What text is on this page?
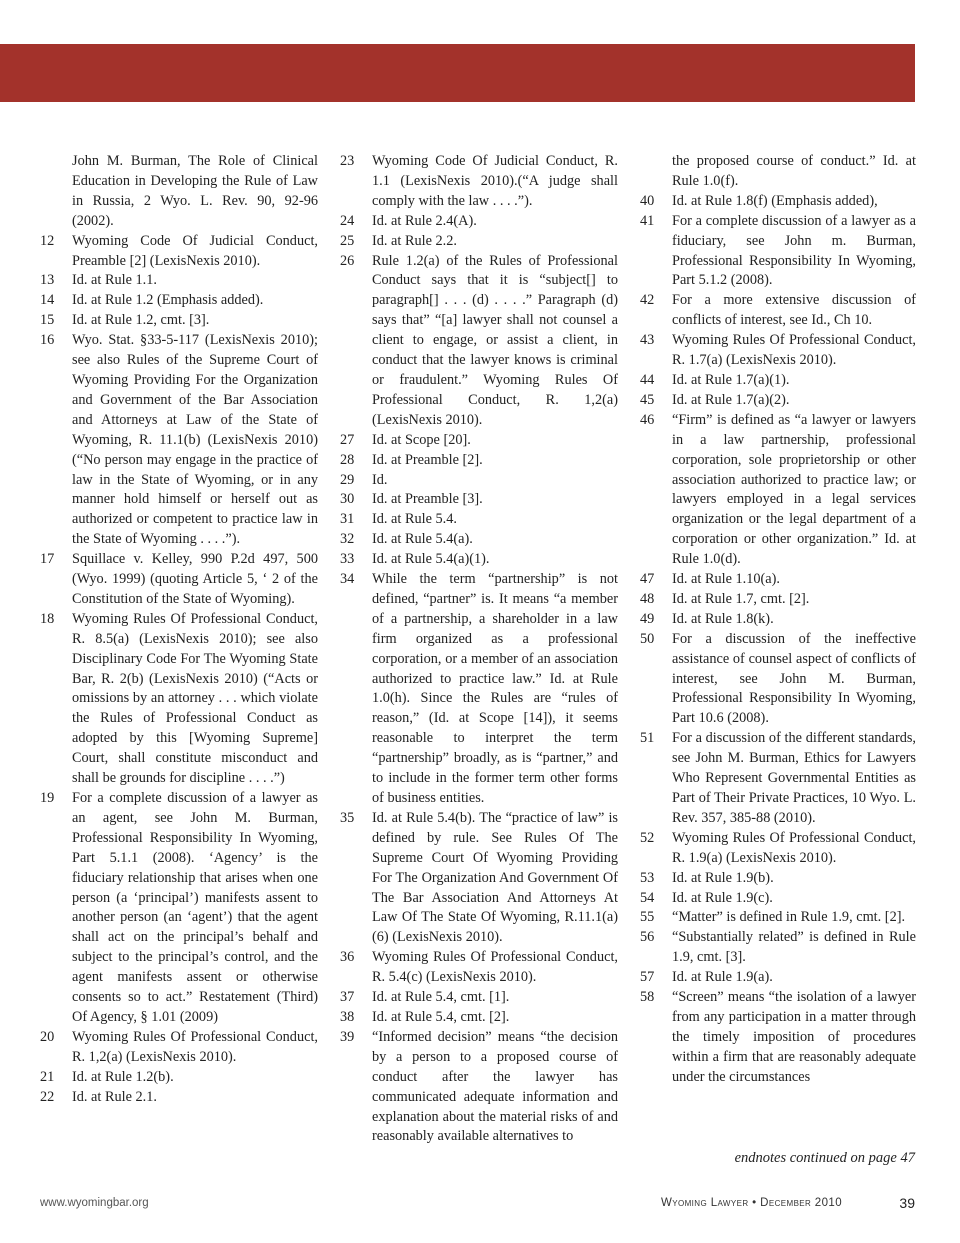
John M. Burman, The Role of Clinical Education in Developing the Rule of Law in Russia, 2 Wyo. L. Rev. 90, 92-96 (2002).
12	Wyoming Code Of Judicial Conduct, Preamble [2] (LexisNexis 2010).
13	Id. at Rule 1.1.
14	Id. at Rule 1.2 (Emphasis added).
15	Id. at Rule 1.2, cmt. [3].
16	Wyo. Stat. §33-5-117 (LexisNexis 2010); see also Rules of the Supreme Court of Wyoming Providing For the Organization and Government of the Bar Association and Attorneys at Law of the State of Wyoming, R. 11.1(b) (LexisNexis 2010) (“No person may engage in the practice of law in the State of Wyoming, or in any manner hold himself or herself out as authorized or competent to practice law in the State of Wyoming . . . .”).
17	Squillace v. Kelley, 990 P.2d 497, 500 (Wyo. 1999) (quoting Article 5, ‘ 2 of the Constitution of the State of Wyoming).
18	Wyoming Rules Of Professional Conduct, R. 8.5(a) (LexisNexis 2010); see also Disciplinary Code For The Wyoming State Bar, R. 2(b) (LexisNexis 2010) (“Acts or omissions by an attorney . . . which violate the Rules of Professional Conduct as adopted by this [Wyoming Supreme] Court, shall constitute misconduct and shall be grounds for discipline . . . .”)
19	For a complete discussion of a lawyer as an agent, see John M. Burman, Professional Responsibility In Wyoming, Part 5.1.1 (2008). ‘Agency’ is the fiduciary relationship that arises when one person (a ‘principal’) manifests assent to another person (an ‘agent’) that the agent shall act on the principal’s behalf and subject to the principal’s control, and the agent manifests assent or otherwise consents so to act.” Restatement (Third) Of Agency, § 1.01 (2009)
20	Wyoming Rules Of Professional Conduct, R. 1,2(a) (LexisNexis 2010).
21	Id. at Rule 1.2(b).
22	Id. at Rule 2.1.
23	Wyoming Code Of Judicial Conduct, R. 1.1 (LexisNexis 2010).(“A judge shall comply with the law . . . .”).
24	Id. at Rule 2.4(A).
25	Id. at Rule 2.2.
26	Rule 1.2(a) of the Rules of Professional Conduct says that it is “subject[] to paragraph[] . . . (d) . . . .” Paragraph (d) says that” “[a] lawyer shall not counsel a client to engage, or assist a client, in conduct that the lawyer knows is criminal or fraudulent.” Wyoming Rules Of Professional Conduct, R. 1,2(a) (LexisNexis 2010).
27	Id. at Scope [20].
28	Id. at Preamble [2].
29	Id.
30	Id. at Preamble [3].
31	Id. at Rule 5.4.
32	Id. at Rule 5.4(a).
33	Id. at Rule 5.4(a)(1).
34	While the term “partnership” is not defined, “partner” is. It means “a member of a partnership, a shareholder in a law firm organized as a professional corporation, or a member of an association authorized to practice law.” Id. at Rule 1.0(h). Since the Rules are “rules of reason,” (Id. at Scope [14]), it seems reasonable to interpret the term “partnership” broadly, as is “partner,” and to include in the former term other forms of business entities.
35	Id. at Rule 5.4(b). The “practice of law” is defined by rule. See Rules Of The Supreme Court Of Wyoming Providing For The Organization And Government Of The Bar Association And Attorneys At Law Of The State Of Wyoming, R.11.1(a)(6) (LexisNexis 2010).
36	Wyoming Rules Of Professional Conduct, R. 5.4(c) (LexisNexis 2010).
37	Id. at Rule 5.4, cmt. [1].
38	Id. at Rule 5.4, cmt. [2].
39	“Informed decision” means “the decision by a person to a proposed course of conduct after the lawyer has communicated adequate information and explanation about the material risks of and reasonably available alternatives to
the proposed course of conduct.” Id. at Rule 1.0(f).
40	Id. at Rule 1.8(f) (Emphasis added),
41	For a complete discussion of a lawyer as a fiduciary, see John m. Burman, Professional Responsibility In Wyoming, Part 5.1.2 (2008).
42	For a more extensive discussion of conflicts of interest, see Id., Ch 10.
43	Wyoming Rules Of Professional Conduct, R. 1.7(a) (LexisNexis 2010).
44	Id. at Rule 1.7(a)(1).
45	Id. at Rule 1.7(a)(2).
46	“Firm” is defined as “a lawyer or lawyers in a law partnership, professional corporation, sole proprietorship or other association authorized to practice law; or lawyers employed in a legal services organization or the legal department of a corporation or other organization.” Id. at Rule 1.0(d).
47	Id. at Rule 1.10(a).
48	Id. at Rule 1.7, cmt. [2].
49	Id. at Rule 1.8(k).
50	For a discussion of the ineffective assistance of counsel aspect of conflicts of interest, see John M. Burman, Professional Responsibility In Wyoming, Part 10.6 (2008).
51	For a discussion of the different standards, see John M. Burman, Ethics for Lawyers Who Represent Governmental Entities as Part of Their Private Practices, 10 Wyo. L. Rev. 357, 385-88 (2010).
52	Wyoming Rules Of Professional Conduct, R. 1.9(a) (LexisNexis 2010).
53	Id. at Rule 1.9(b).
54	Id. at Rule 1.9(c).
55	“Matter” is defined in Rule 1.9, cmt. [2].
56	“Substantially related” is defined in Rule 1.9, cmt. [3].
57	Id. at Rule 1.9(a).
58	“Screen” means “the isolation of a lawyer from any participation in a matter through the timely imposition of procedures within a firm that are reasonably adequate under the circumstances
endnotes continued on page 47
www.wyomingbar.org	Wyoming Lawyer • December 2010	39
